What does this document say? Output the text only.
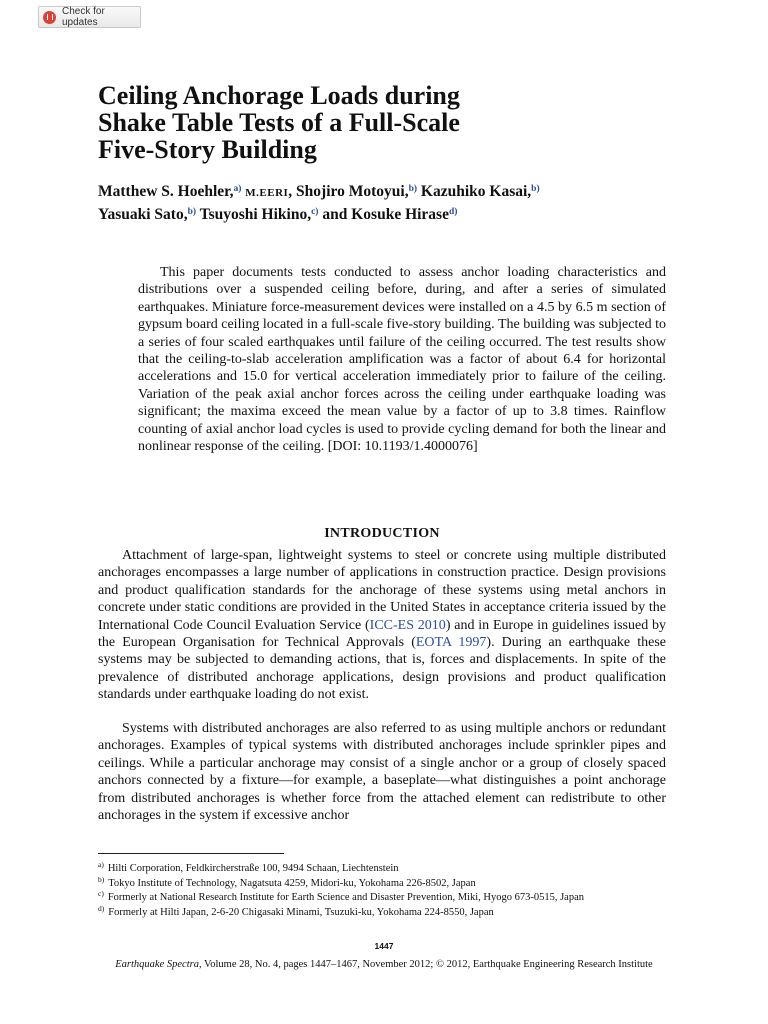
Check for updates
Ceiling Anchorage Loads during
Shake Table Tests of a Full-Scale
Five-Story Building
Matthew S. Hoehler,$^{a)}$ M.EERI, Shojiro Motoyui,$^{b)}$ Kazuhiko Kasai,$^{b)}$
Yasuaki Sato,$^{b)}$ Tsuyoshi Hikino,$^{c)}$ and Kosuke Hirase$^{d)}$

This paper documents tests conducted to assess anchor loading characteristics and distributions over a suspended ceiling before, during, and after a series of simulated earthquakes. Miniature force-measurement devices were installed on a 4.5 by 6.5 m section of gypsum board ceiling located in a full-scale five-story building. The building was subjected to a series of four scaled earthquakes until failure of the ceiling occurred. The test results show that the ceiling-to-slab acceleration amplification was a factor of about 6.4 for horizontal accelerations and 15.0 for vertical acceleration immediately prior to failure of the ceiling. Variation of the peak axial anchor forces across the ceiling under earthquake loading was significant; the maxima exceed the mean value by a factor of up to 3.8 times. Rainflow counting of axial anchor load cycles is used to provide cycling demand for both the linear and nonlinear response of the ceiling. [DOI: 10.1193/1.4000076]

INTRODUCTION

Attachment of large-span, lightweight systems to steel or concrete using multiple distributed anchorages encompasses a large number of applications in construction practice. Design provisions and product qualification standards for the anchorage of these systems using metal anchors in concrete under static conditions are provided in the United States in acceptance criteria issued by the International Code Council Evaluation Service (ICC-ES 2010) and in Europe in guidelines issued by the European Organisation for Technical Approvals (EOTA 1997). During an earthquake these systems may be subjected to demanding actions, that is, forces and displacements. In spite of the prevalence of distributed anchorage applications, design provisions and product qualification standards under earthquake loading do not exist.

Systems with distributed anchorages are also referred to as using multiple anchors or redundant anchorages. Examples of typical systems with distributed anchorages include sprinkler pipes and ceilings. While a particular anchorage may consist of a single anchor or a group of closely spaced anchors connected by a fixture—for example, a baseplate—what distinguishes a point anchorage from distributed anchorages is whether force from the attached element can redistribute to other anchorages in the system if excessive anchor

$^{a)}$ Hilti Corporation, Feldkircherstraße 100, 9494 Schaan, Liechtenstein
$^{b)}$ Tokyo Institute of Technology, Nagatsuta 4259, Midori-ku, Yokohama 226-8502, Japan
$^{c)}$ Formerly at National Research Institute for Earth Science and Disaster Prevention, Miki, Hyogo 673-0515, Japan
$^{d)}$ Formerly at Hilti Japan, 2-6-20 Chigasaki Minami, Tsuzuki-ku, Yokohama 224-8550, Japan
1447
Earthquake Spectra, Volume 28, No. 4, pages 1447–1467, November 2012; © 2012, Earthquake Engineering Research Institute
